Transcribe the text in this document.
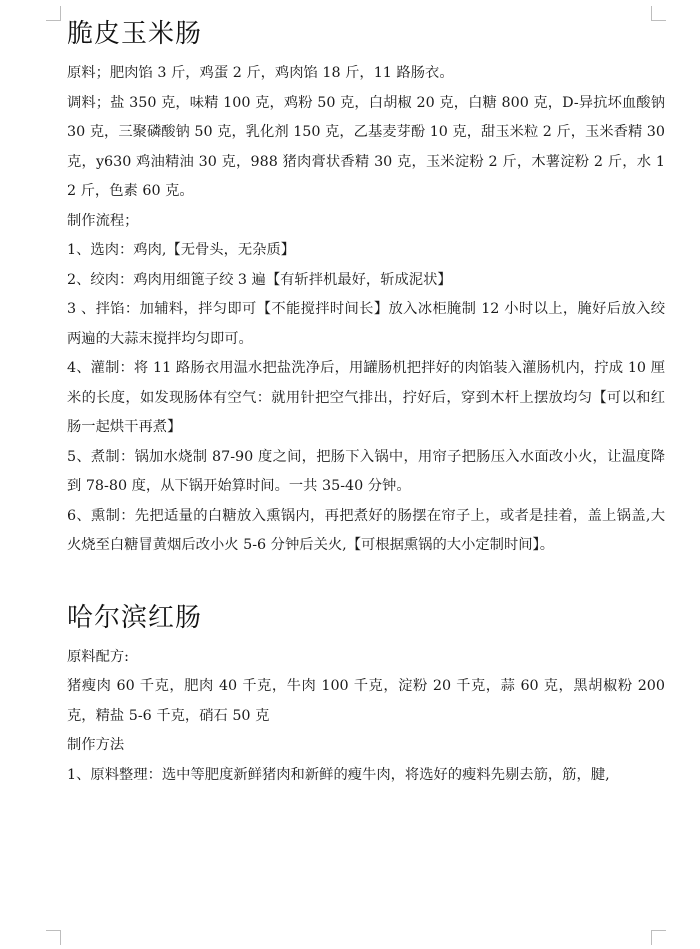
脆皮玉米肠

原料；肥肉馅 3 斤，鸡蛋 2 斤，鸡肉馅 18 斤，11 路肠衣。

调料；盐 350 克，味精 100 克，鸡粉 50 克，白胡椒 20 克，白糖 800 克，D-异抗坏血酸钠 30 克，三聚磷酸钠 50 克，乳化剂 150 克，乙基麦芽酚 10 克，甜玉米粒 2 斤，玉米香精 30 克，y630 鸡油精油 30 克，988 猪肉膏状香精 30 克，玉米淀粉 2 斤，木薯淀粉 2 斤，水 12 斤，色素 60 克。

制作流程；

1、选肉：鸡肉,【无骨头，无杂质】

2、绞肉：鸡肉用细篦子绞 3 遍【有斩拌机最好，斩成泥状】

3 、拌馅：加辅料，拌匀即可【不能搅拌时间长】放入冰柜腌制 12 小时以上，腌好后放入绞两遍的大蒜末搅拌均匀即可。

4、灌制：将 11 路肠衣用温水把盐洗净后，用罐肠机把拌好的肉馅装入灌肠机内，拧成 10 厘米的长度，如发现肠体有空气：就用针把空气排出，拧好后，穿到木杆上摆放均匀【可以和红肠一起烘干再煮】

5、煮制：锅加水烧制 87-90 度之间，把肠下入锅中，用帘子把肠压入水面改小火，让温度降到 78-80 度，从下锅开始算时间。一共 35-40 分钟。

6、熏制：先把适量的白糖放入熏锅内，再把煮好的肠摆在帘子上，或者是挂着，盖上锅盖,大火烧至白糖冒黄烟后改小火 5-6 分钟后关火,【可根据熏锅的大小定制时间】。

哈尔滨红肠

原料配方:

猪瘦肉 60 千克，肥肉 40 千克，牛肉 100 千克，淀粉 20 千克，蒜 60 克，黑胡椒粉 200 克，精盐 5-6 千克，硝石 50 克

制作方法

1、原料整理：选中等肥度新鲜猪肉和新鲜的瘦牛肉，将选好的瘦料先剔去筋，筋，腱,
